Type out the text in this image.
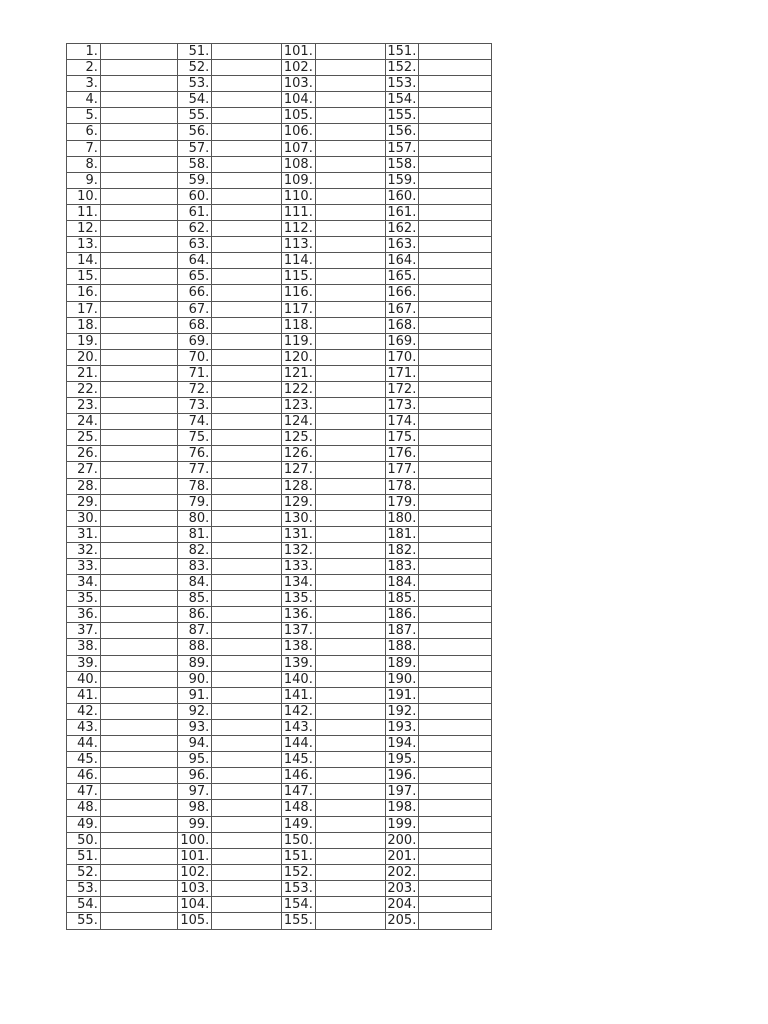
1.	51.	101.	151.
2.	52.	102.	152.
3.	53.	103.	153.
4.	54.	104.	154.
5.	55.	105.	155.
6.	56.	106.	156.
7.	57.	107.	157.
8.	58.	108.	158.
9.	59.	109.	159.
10.	60.	110.	160.
11.	61.	111.	161.
12.	62.	112.	162.
13.	63.	113.	163.
14.	64.	114.	164.
15.	65.	115.	165.
16.	66.	116.	166.
17.	67.	117.	167.
18.	68.	118.	168.
19.	69.	119.	169.
20.	70.	120.	170.
21.	71.	121.	171.
22.	72.	122.	172.
23.	73.	123.	173.
24.	74.	124.	174.
25.	75.	125.	175.
26.	76.	126.	176.
27.	77.	127.	177.
28.	78.	128.	178.
29.	79.	129.	179.
30.	80.	130.	180.
31.	81.	131.	181.
32.	82.	132.	182.
33.	83.	133.	183.
34.	84.	134.	184.
35.	85.	135.	185.
36.	86.	136.	186.
37.	87.	137.	187.
38.	88.	138.	188.
39.	89.	139.	189.
40.	90.	140.	190.
41.	91.	141.	191.
42.	92.	142.	192.
43.	93.	143.	193.
44.	94.	144.	194.
45.	95.	145.	195.
46.	96.	146.	196.
47.	97.	147.	197.
48.	98.	148.	198.
49.	99.	149.	199.
50.	100.	150.	200.
51.	101.	151.	201.
52.	102.	152.	202.
53.	103.	153.	203.
54.	104.	154.	204.
55.	105.	155.	205.
